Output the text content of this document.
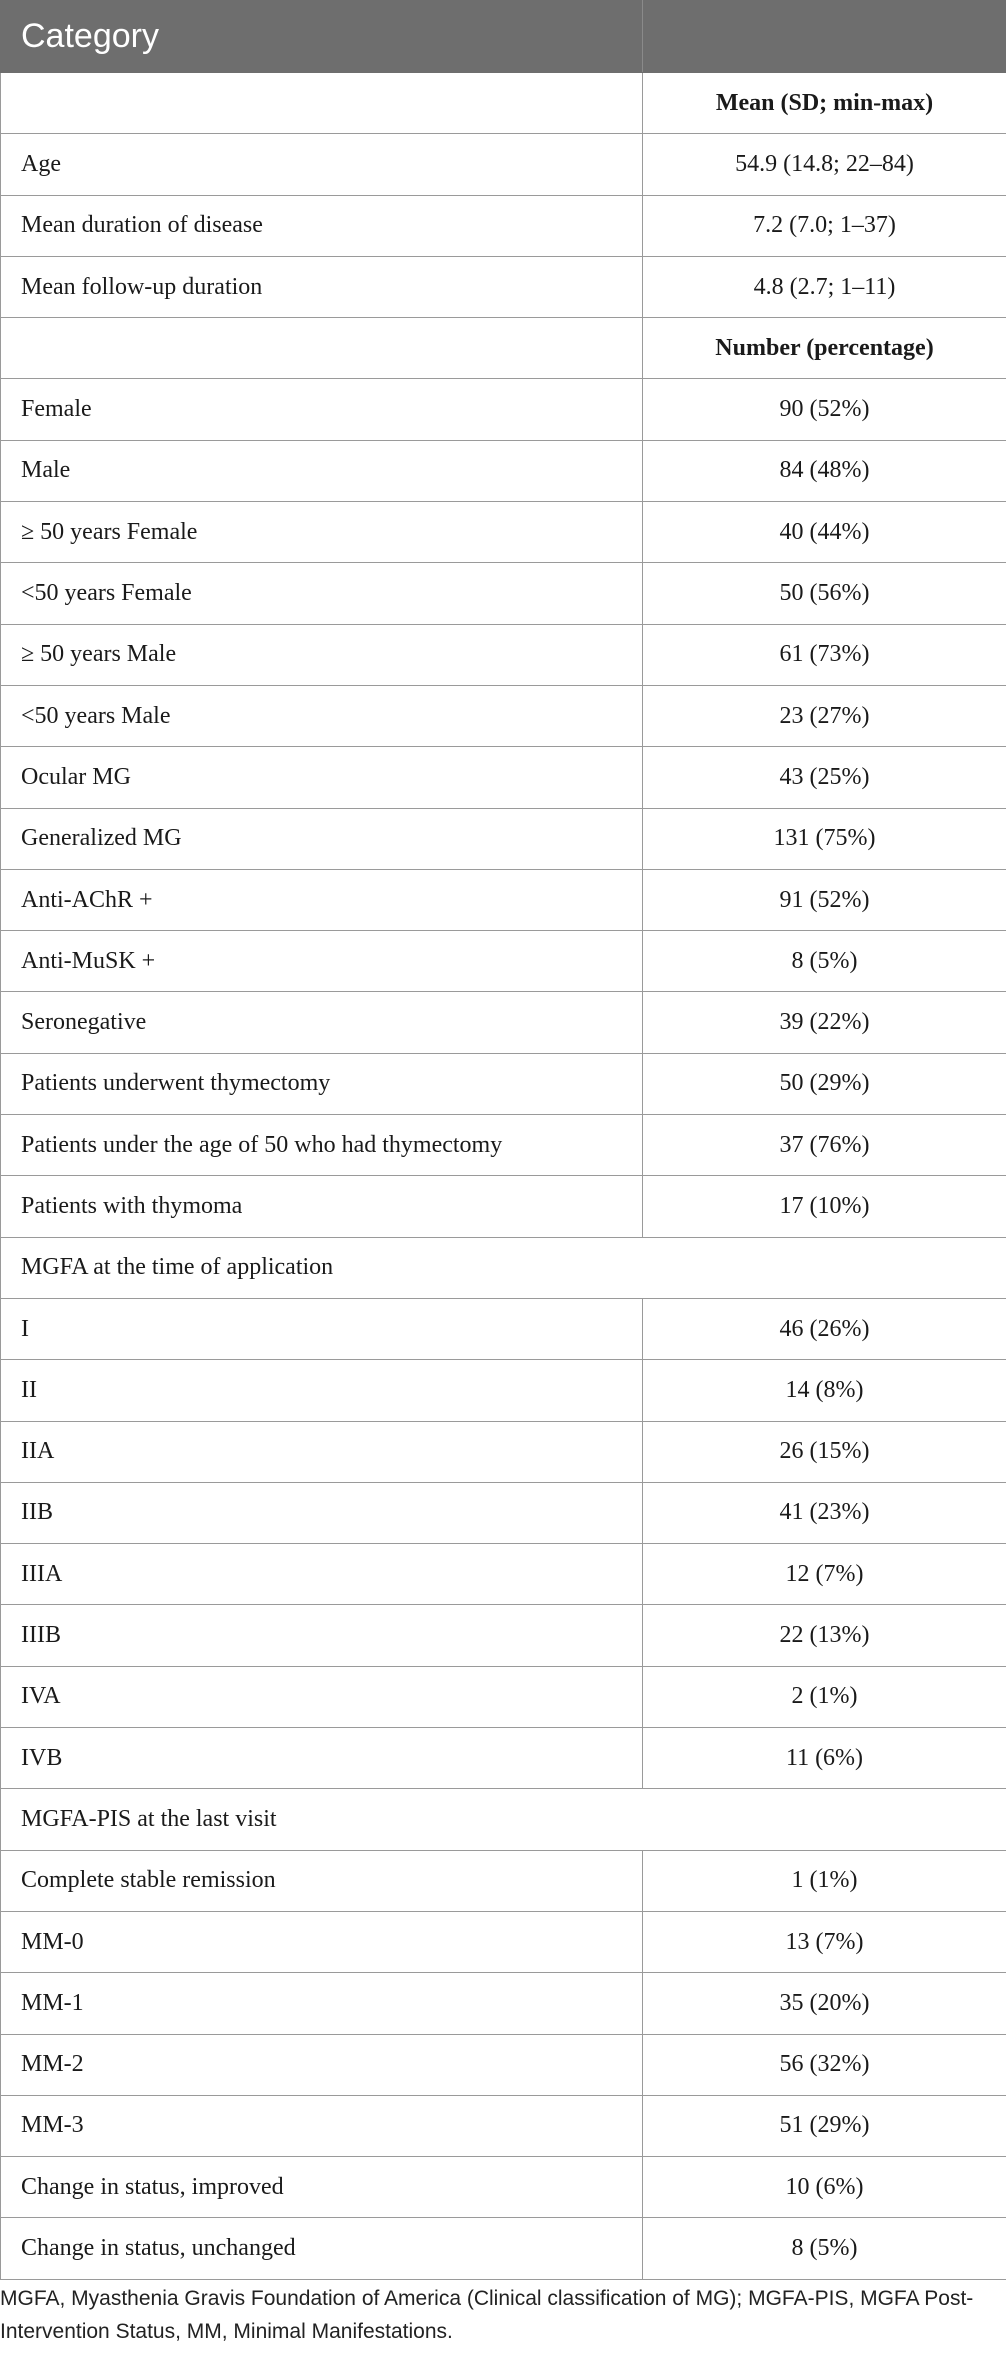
Category	
	Mean (SD; min-max)
Age	54.9 (14.8; 22–84)
Mean duration of disease	7.2 (7.0; 1–37)
Mean follow-up duration	4.8 (2.7; 1–11)
	Number (percentage)
Female	90 (52%)
Male	84 (48%)
≥ 50 years Female	40 (44%)
<50 years Female	50 (56%)
≥ 50 years Male	61 (73%)
<50 years Male	23 (27%)
Ocular MG	43 (25%)
Generalized MG	131 (75%)
Anti-AChR +	91 (52%)
Anti-MuSK +	8 (5%)
Seronegative	39 (22%)
Patients underwent thymectomy	50 (29%)
Patients under the age of 50 who had thymectomy	37 (76%)
Patients with thymoma	17 (10%)
MGFA at the time of application	
I	46 (26%)
II	14 (8%)
IIA	26 (15%)
IIB	41 (23%)
IIIA	12 (7%)
IIIB	22 (13%)
IVA	2 (1%)
IVB	11 (6%)
MGFA-PIS at the last visit	
Complete stable remission	1 (1%)
MM-0	13 (7%)
MM-1	35 (20%)
MM-2	56 (32%)
MM-3	51 (29%)
Change in status, improved	10 (6%)
Change in status, unchanged	8 (5%)
MGFA, Myasthenia Gravis Foundation of America (Clinical classification of MG); MGFA-PIS, MGFA Post-Intervention Status, MM, Minimal Manifestations.
